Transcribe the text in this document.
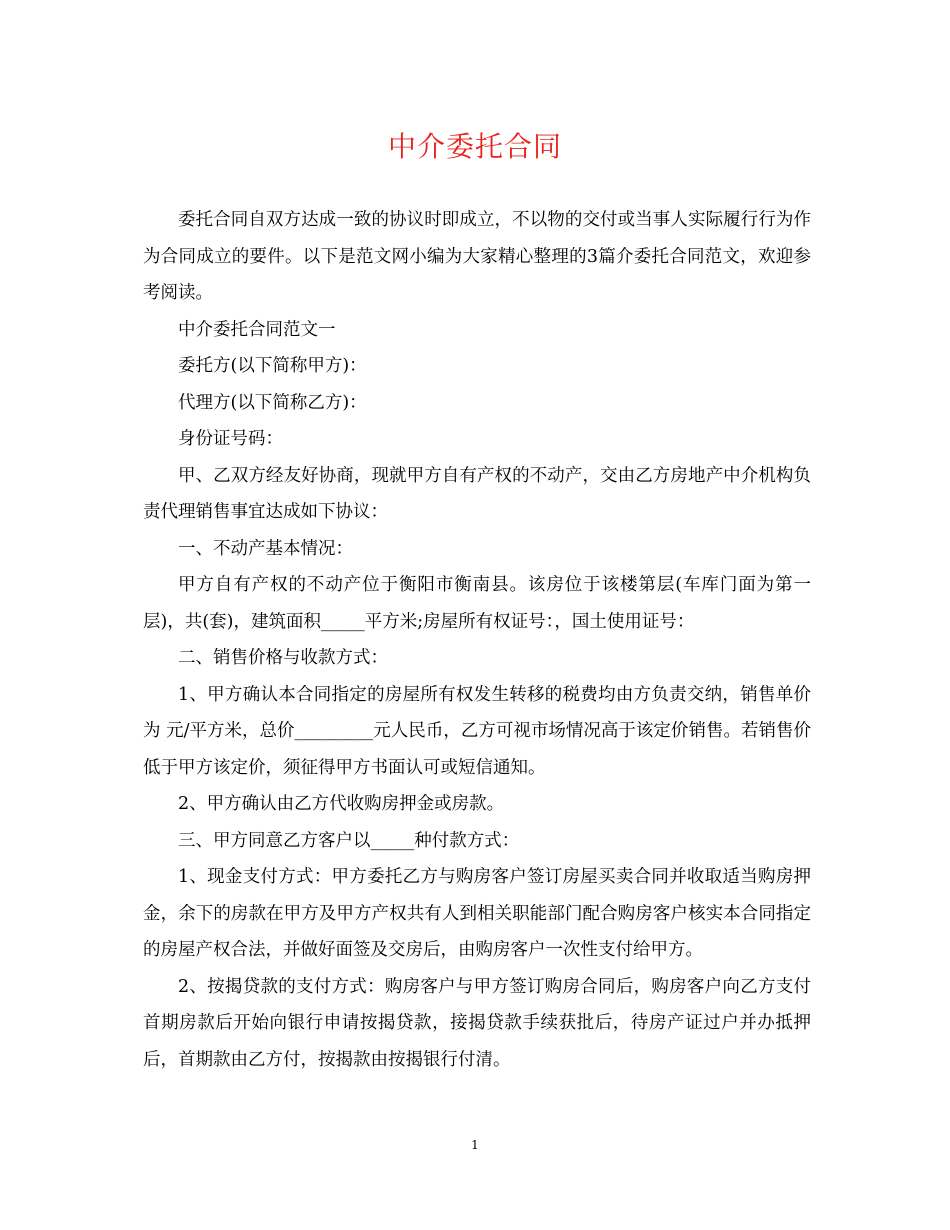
中介委托合同

委托合同自双方达成一致的协议时即成立，不以物的交付或当事人实际履行行为作为合同成立的要件。以下是范文网小编为大家精心整理的3篇介委托合同范文，欢迎参考阅读。

中介委托合同范文一

委托方(以下简称甲方)：

代理方(以下简称乙方)：

身份证号码：

甲、乙双方经友好协商，现就甲方自有产权的不动产，交由乙方房地产中介机构负责代理销售事宜达成如下协议：

一、不动产基本情况：

甲方自有产权的不动产位于衡阳市衡南县。该房位于该楼第层(车库门面为第一层)，共(套)，建筑面积_____平方米;房屋所有权证号：，国土使用证号：

二、销售价格与收款方式：

1、甲方确认本合同指定的房屋所有权发生转移的税费均由方负责交纳，销售单价为 元/平方米，总价_________元人民币，乙方可视市场情况高于该定价销售。若销售价低于甲方该定价，须征得甲方书面认可或短信通知。

2、甲方确认由乙方代收购房押金或房款。

三、甲方同意乙方客户以_____种付款方式：

1、现金支付方式：甲方委托乙方与购房客户签订房屋买卖合同并收取适当购房押金，余下的房款在甲方及甲方产权共有人到相关职能部门配合购房客户核实本合同指定的房屋产权合法，并做好面签及交房后，由购房客户一次性支付给甲方。

2、按揭贷款的支付方式：购房客户与甲方签订购房合同后，购房客户向乙方支付首期房款后开始向银行申请按揭贷款，接揭贷款手续获批后，待房产证过户并办抵押后，首期款由乙方付，按揭款由按揭银行付清。

1
